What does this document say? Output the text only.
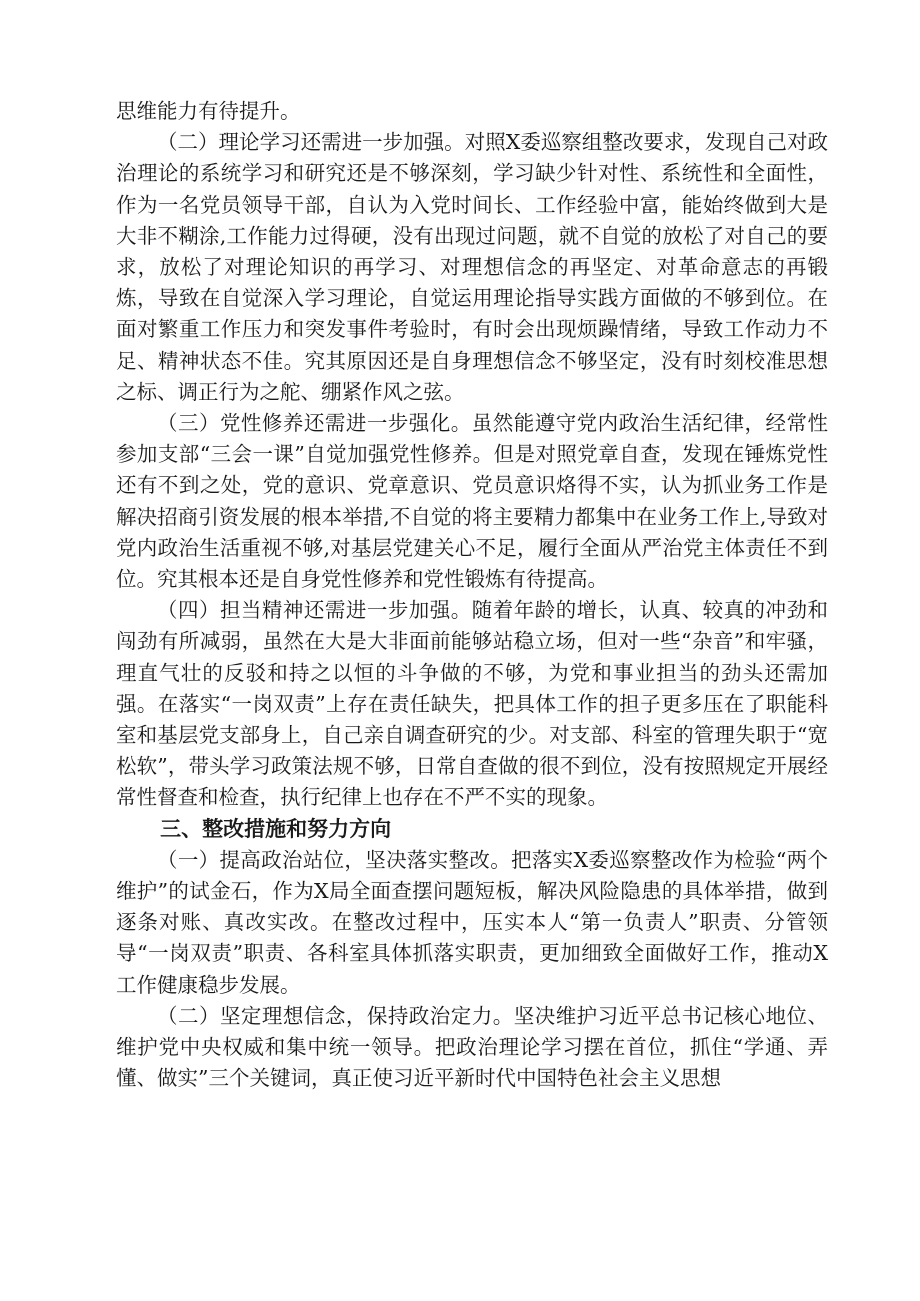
思维能力有待提升。

（二）理论学习还需进一步加强。对照X委巡察组整改要求，发现自己对政治理论的系统学习和研究还是不够深刻，学习缺少针对性、系统性和全面性，作为一名党员领导干部，自认为入党时间长、工作经验中富，能始终做到大是大非不糊涂,工作能力过得硬，没有出现过问题，就不自觉的放松了对自己的要求，放松了对理论知识的再学习、对理想信念的再坚定、对革命意志的再锻炼，导致在自觉深入学习理论，自觉运用理论指导实践方面做的不够到位。在面对繁重工作压力和突发事件考验时，有时会出现烦躁情绪，导致工作动力不足、精神状态不佳。究其原因还是自身理想信念不够坚定，没有时刻校准思想之标、调正行为之舵、绷紧作风之弦。

（三）党性修养还需进一步强化。虽然能遵守党内政治生活纪律，经常性参加支部“三会一课”自觉加强党性修养。但是对照党章自查，发现在锤炼党性还有不到之处，党的意识、党章意识、党员意识烙得不实，认为抓业务工作是解决招商引资发展的根本举措,不自觉的将主要精力都集中在业务工作上,导致对党内政治生活重视不够,对基层党建关心不足，履行全面从严治党主体责任不到位。究其根本还是自身党性修养和党性锻炼有待提高。

（四）担当精神还需进一步加强。随着年龄的增长，认真、较真的冲劲和闯劲有所减弱，虽然在大是大非面前能够站稳立场，但对一些“杂音”和牢骚，理直气壮的反驳和持之以恒的斗争做的不够，为党和事业担当的劲头还需加强。在落实“一岗双责”上存在责任缺失，把具体工作的担子更多压在了职能科室和基层党支部身上，自己亲自调查研究的少。对支部、科室的管理失职于“宽松软”，带头学习政策法规不够，日常自查做的很不到位，没有按照规定开展经常性督查和检查，执行纪律上也存在不严不实的现象。

三、整改措施和努力方向

（一）提高政治站位，坚决落实整改。把落实X委巡察整改作为检验“两个维护”的试金石，作为X局全面查摆问题短板，解决风险隐患的具体举措，做到逐条对账、真改实改。在整改过程中，压实本人“第一负责人”职责、分管领导“一岗双责”职责、各科室具体抓落实职责，更加细致全面做好工作，推动X工作健康稳步发展。

（二）坚定理想信念，保持政治定力。坚决维护习近平总书记核心地位、维护党中央权威和集中统一领导。把政治理论学习摆在首位，抓住“学通、弄懂、做实”三个关键词，真正使习近平新时代中国特色社会主义思想
